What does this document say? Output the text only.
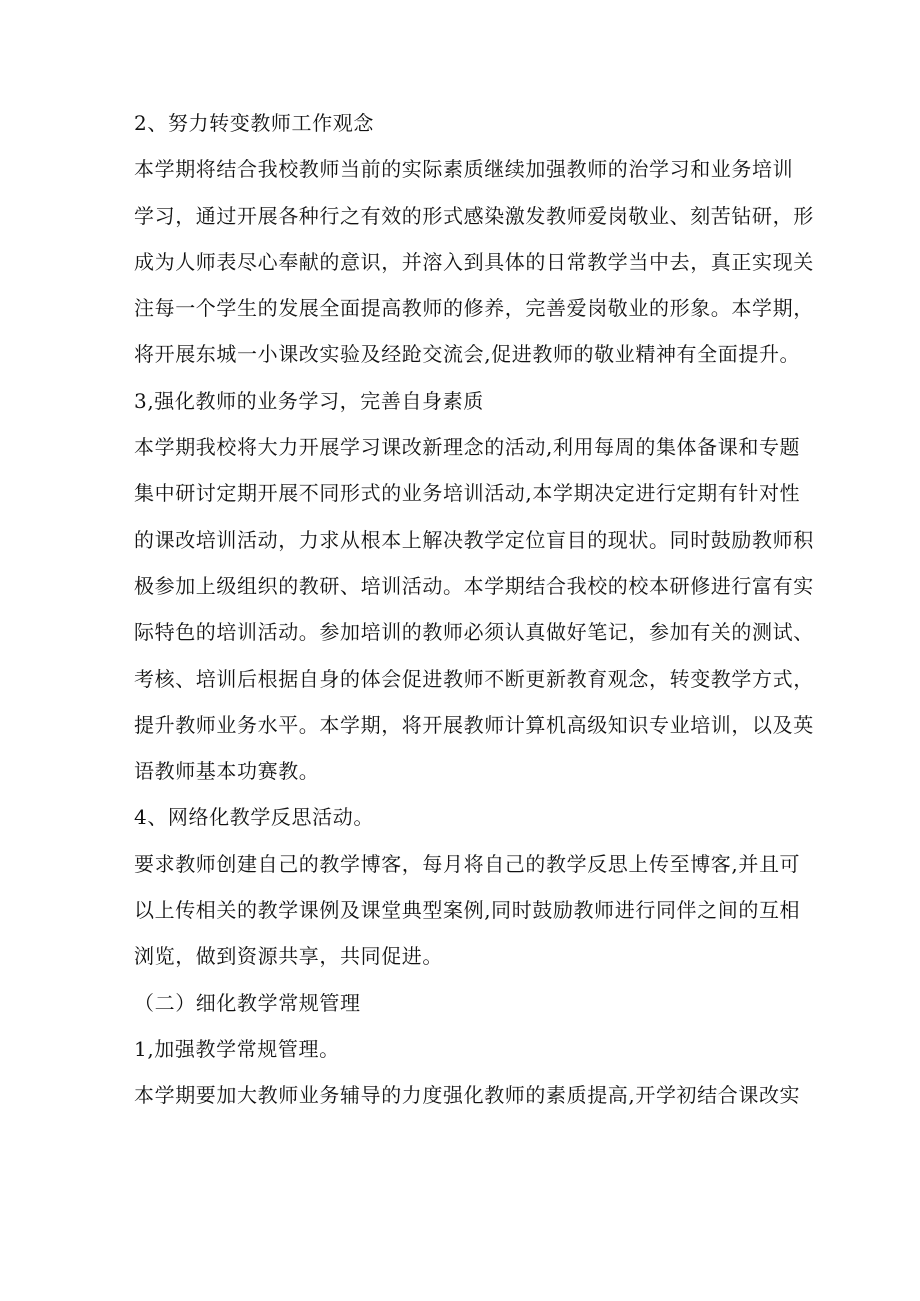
2、努力转变教师工作观念
本学期将结合我校教师当前的实际素质继续加强教师的治学习和业务培训
学习，通过开展各种行之有效的形式感染激发教师爱岗敬业、刻苦钻研，形
成为人师表尽心奉献的意识，并溶入到具体的日常教学当中去，真正实现关
注每一个学生的发展全面提高教师的修养，完善爱岗敬业的形象。本学期，
将开展东城一小课改实验及经跄交流会,促进教师的敬业精神有全面提升。
3,强化教师的业务学习，完善自身素质
本学期我校将大力开展学习课改新理念的活动,利用每周的集体备课和专题
集中研讨定期开展不同形式的业务培训活动,本学期决定进行定期有针对性
的课改培训活动，力求从根本上解决教学定位盲目的现状。同时鼓励教师积
极参加上级组织的教研、培训活动。本学期结合我校的校本研修进行富有实
际特色的培训活动。参加培训的教师必须认真做好笔记，参加有关的测试、
考核、培训后根据自身的体会促进教师不断更新教育观念，转变教学方式，
提升教师业务水平。本学期，将开展教师计算机高级知识专业培训，以及英
语教师基本功赛教。
4、网络化教学反思活动。
要求教师创建自己的教学博客，每月将自己的教学反思上传至博客,并且可
以上传相关的教学课例及课堂典型案例,同时鼓励教师进行同伴之间的互相
浏览，做到资源共享，共同促进。
（二）细化教学常规管理
1,加强教学常规管理。
本学期要加大教师业务辅导的力度强化教师的素质提高,开学初结合课改实
